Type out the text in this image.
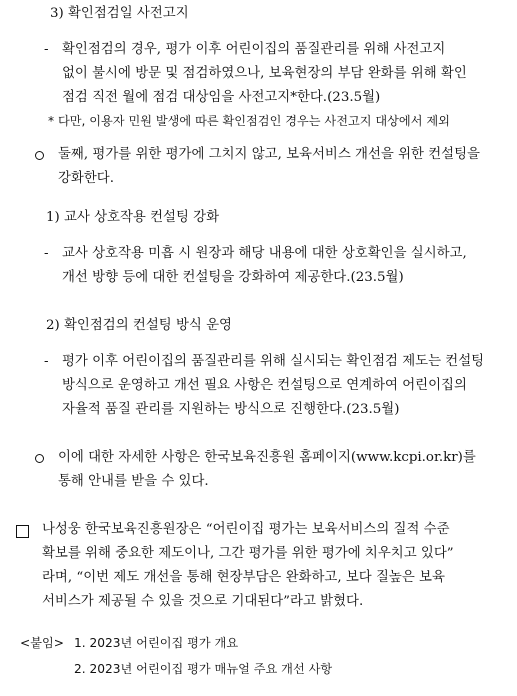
3) 확인점검일 사전고지
- 확인점검의 경우, 평가 이후 어린이집의 품질관리를 위해 사전고지
없이 불시에 방문 및 점검하였으나, 보육현장의 부담 완화를 위해 확인
점검 직전 월에 점검 대상임을 사전고지*한다.(23.5월)
* 다만, 이용자 민원 발생에 따른 확인점검인 경우는 사전고지 대상에서 제외
둘째, 평가를 위한 평가에 그치지 않고, 보육서비스 개선을 위한 컨설팅을
강화한다.
1) 교사 상호작용 컨설팅 강화
- 교사 상호작용 미흡 시 원장과 해당 내용에 대한 상호확인을 실시하고,
개선 방향 등에 대한 컨설팅을 강화하여 제공한다.(23.5월)
2) 확인점검의 컨설팅 방식 운영
- 평가 이후 어린이집의 품질관리를 위해 실시되는 확인점검 제도는 컨설팅
방식으로 운영하고 개선 필요 사항은 컨설팅으로 연계하여 어린이집의
자율적 품질 관리를 지원하는 방식으로 진행한다.(23.5월)
이에 대한 자세한 사항은 한국보육진흥원 홈페이지(www.kcpi.or.kr)를
통해 안내를 받을 수 있다.
나성웅 한국보육진흥원장은 “어린이집 평가는 보육서비스의 질적 수준
확보를 위해 중요한 제도이나, 그간 평가를 위한 평가에 치우치고 있다”
라며, “이번 제도 개선을 통해 현장부담은 완화하고, 보다 질높은 보육
서비스가 제공될 수 있을 것으로 기대된다”라고 밝혔다.
<붙임> 1. 2023년 어린이집 평가 개요
2. 2023년 어린이집 평가 매뉴얼 주요 개선 사항
